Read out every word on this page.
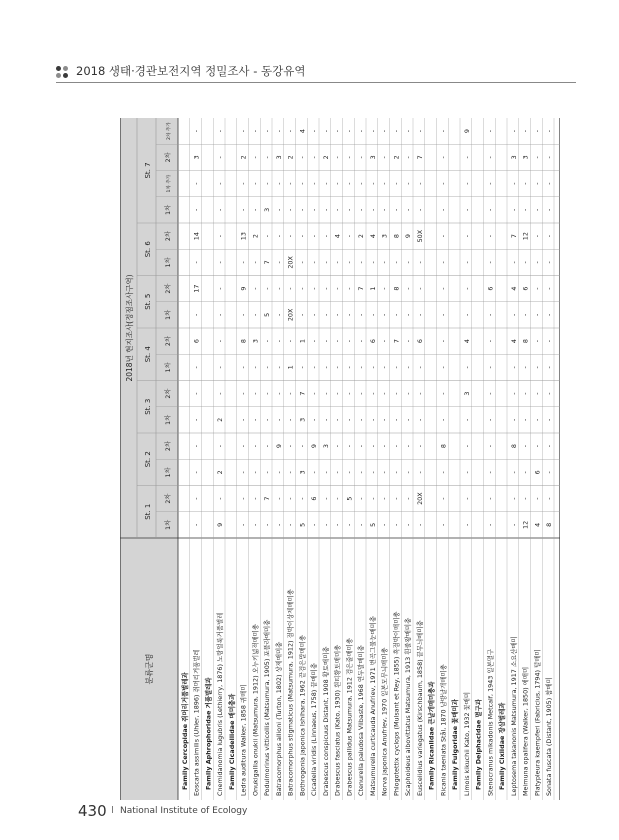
2018 생태·경관보전지역 정밀조사 - 동강유역
분류군명
2018년 현지조사(정점조사구역)
St. 1
St. 2
St. 3
St. 4
St. 5
St. 6
St. 7
1차
2차
1차
2차
1차
2차
1차
2차
1차
2차
1차
2차
1차
1차 추가
2차
2차 추가
Family Cercopidae 쥐머리거품벌레과 Eoscarta assimilis (Uhler, 1896) 쥐머리거품벌레
-
-
-
-
-
-
-
6
-
17
-
14
-
-
3
-
Family Aphrophoridae 거품벌레과 Cnemidanomia lugubris (Lethierry, 1876) 노랑얼룩거품벌레
9
-
2
-
2
-
-
-
-
-
-
-
-
-
-
-
Family Cicadellidae 매미충과 Ledra auditura Walker, 1858 귀매미
-
-
-
-
-
-
-
8
-
9
-
13
-
-
2
-
Onukigallia onukii (Matsumura, 1912) 오누키넓적매미충
-
-
-
-
-
-
-
3
-
-
-
2
-
-
-
-
Podulmorinus vitticollis (Matsumura, 1905) 포플라매미충
-
7
-
-
-
-
-
-
5
-
7
-
3
-
-
-
Batracomorphus allioni (Turton, 1802) 상제매미충
-
-
-
9
-
-
-
-
-
-
-
-
-
-
3
-
Batracomorphus stigmaticus (Matsumura, 1912) 점박이상제매미충
-
-
-
-
-
-
1
-
20X
-
20X
-
-
-
2
-
Bothrogonia japonica Ishihara, 1962 끝검은말매미충
5
-
3
-
3
7
-
1
-
-
-
-
-
-
-
4
Cicadella viridis (Linnaeus, 1758) 끝매미충
-
6
-
9
-
-
-
-
-
-
-
-
-
-
-
-
Drabescus conspicuus Distant, 1908 황토매미충
-
-
-
3
-
-
-
-
-
-
-
-
-
-
2
-
Drabescus fasciatus (Kato, 1930) 흰띠황토매미충
-
-
-
-
-
-
-
-
-
-
-
4
-
-
-
-
Drabescus pallidus Matsumura, 1912 검은줄매미충
-
5
-
-
-
-
-
-
-
-
-
-
-
-
-
-
Ctenurella paludosa Vilbaste, 1968 연두말매미충
-
-
-
-
-
-
-
-
-
7
-
2
-
-
-
-
Matsumurella curticauda Anufriev, 1971 변곡그물눈매미충
5
-
-
-
-
-
-
6
-
1
-
4
-
-
3
-
Norva japonica Anufriev, 1970 일본모무늬매미충
-
-
-
-
-
-
-
-
-
-
-
3
-
-
-
-
Phlogotettix cyclops (Mulsant et Rey, 1855) 흑점박이매미충
-
-
-
-
-
-
-
7
-
8
-
8
-
-
2
-
Scaphoideus albovittatus Matsumura, 1913 흰줄왕매미충
-
-
-
-
-
-
-
-
-
-
-
9
-
-
-
-
Euscelidius variegatus (Kirschbaum, 1858) 끝무늬매미충
-
20X
-
-
-
-
-
6
-
-
-
50X
-
-
7
-
Family Ricaniidae 큰날개매미충과 Ricania taeniata Stål, 1870 남방날개매미충
-
-
-
8
-
-
-
-
-
-
-
-
-
-
-
-
Family Fulgoridae 꽃매미과 Limois kikuchii Kato, 1932 꽃매미
-
-
-
-
-
3
-
4
-
-
-
-
-
-
-
9
Family Delphacidae 멸구과 Stenocranus mikadonis Metcalf, 1943 일본멸구
-
-
-
-
-
-
-
-
-
6
-
-
-
-
-
-
Family Cixiidae 장삼벌레과 Leptosema takanonis Matsumura, 1917 소요산매미
-
-
-
8
-
-
-
4
-
4
-
7
-
-
3
-
Meimuna opalifera (Walker, 1850) 애매미
12
-
-
-
-
-
-
8
-
6
-
12
-
-
3
-
Platypleura kaempferi (Fabricius, 1794) 털매미
4
-
6
-
-
-
-
-
-
-
-
-
-
-
-
-
Sonata fuscata (Distant, 1905) 참매미
8
-
-
-
-
-
-
-
-
-
-
-
-
-
-
-
430 I National Institute of Ecology
